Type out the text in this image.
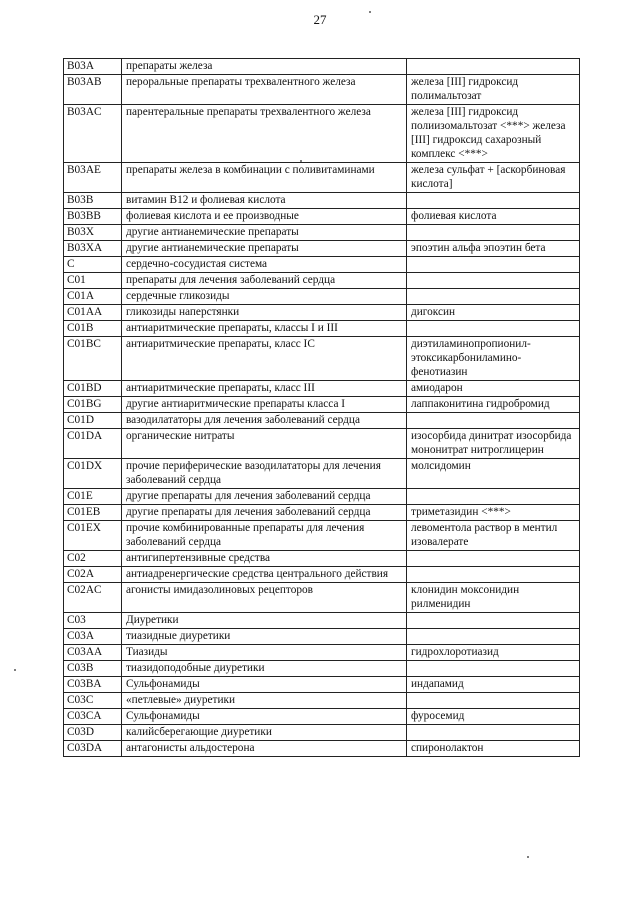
27
B03A	препараты железа	
B03AB	пероральные препараты трехвалентного железа	железа [III] гидроксид полимальтозат
B03AC	парентеральные препараты трехвалентного железа	железа [III] гидроксид полиизомальтозат <***> железа [III] гидроксид сахарозный комплекс <***>
B03AE	препараты железа в комбинации с поливитаминами	железа сульфат + [аскорбиновая кислота]
B03B	витамин B12 и фолиевая кислота	
B03BB	фолиевая кислота и ее производные	фолиевая кислота
B03X	другие антианемические препараты	
B03XA	другие антианемические препараты	эпоэтин альфа эпоэтин бета
C	сердечно-сосудистая система	
C01	препараты для лечения заболеваний сердца	
C01A	сердечные гликозиды	
C01AA	гликозиды наперстянки	дигоксин
C01B	антиаритмические препараты, классы I и III	
C01BC	антиаритмические препараты, класс IC	диэтиламинопропионил-этоксикарбониламино-фенотиазин
C01BD	антиаритмические препараты, класс III	амиодарон
C01BG	другие антиаритмические препараты класса I	лаппаконитина гидробромид
C01D	вазодилататоры для лечения заболеваний сердца	
C01DA	органические нитраты	изосорбида динитрат изосорбида мононитрат нитроглицерин
C01DX	прочие периферические вазодилататоры для лечения заболеваний сердца	молсидомин
C01E	другие препараты для лечения заболеваний сердца	
C01EB	другие препараты для лечения заболеваний сердца	триметазидин <***>
C01EX	прочие комбинированные препараты для лечения заболеваний сердца	левоментола раствор в ментил изовалерате
C02	антигипертензивные средства	
C02A	антиадренергические средства центрального действия	
C02AC	агонисты имидазолиновых рецепторов	клонидин моксонидин рилменидин
C03	Диуретики	
C03A	тиазидные диуретики	
C03AA	Тиазиды	гидрохлоротиазид
C03B	тиазидоподобные диуретики	
C03BA	Сульфонамиды	индапамид
C03C	«петлевые» диуретики	
C03CA	Сульфонамиды	фуросемид
C03D	калийсберегающие диуретики	
C03DA	антагонисты альдостерона	спиронолактон
